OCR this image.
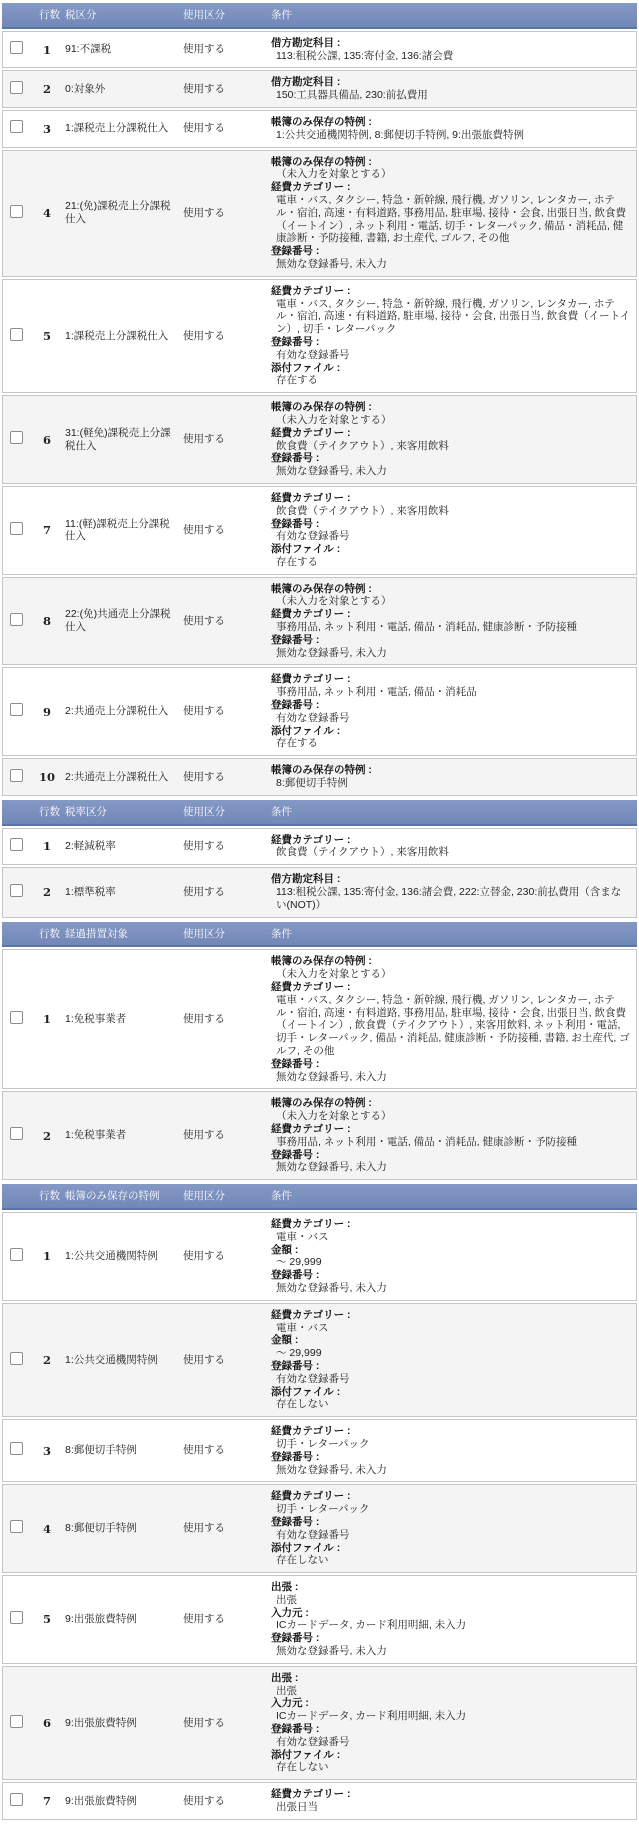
	行数	税区分	使用区分	条件
	1	91:不課税	使用する	借方勘定科目 :
113:租税公課, 135:寄付金, 136:諸会費

	2	0:対象外	使用する	借方勘定科目 :
150:工具器具備品, 230:前払費用

	3	1:課税売上分課税仕入	使用する	帳簿のみ保存の特例 :
1:公共交通機関特例, 8:郵便切手特例, 9:出張旅費特例

	4	21:(免)課税売上分課税仕入	使用する	
帳簿のみ保存の特例 :
（未入力を対象とする）
経費カテゴリー :
電車・バス, タクシー, 特急・新幹線, 飛行機, ガソリン, レンタカー, ホテル・宿泊, 高速・有料道路, 事務用品, 駐車場, 接待・会食, 出張日当, 飲食費（イートイン）, ネット利用・電話, 切手・レターパック, 備品・消耗品, 健康診断・予防接種, 書籍, お土産代, ゴルフ, その他
登録番号 :
無効な登録番号, 未入力

	5	1:課税売上分課税仕入	使用する	
経費カテゴリー :
電車・バス, タクシー, 特急・新幹線, 飛行機, ガソリン, レンタカー, ホテル・宿泊, 高速・有料道路, 駐車場, 接待・会食, 出張日当, 飲食費（イートイン）, 切手・レターパック
登録番号 :
有効な登録番号
添付ファイル :
存在する

	6	31:(軽免)課税売上分課税仕入	使用する	
帳簿のみ保存の特例 :
（未入力を対象とする）
経費カテゴリー :
飲食費（テイクアウト）, 来客用飲料
登録番号 :
無効な登録番号, 未入力

	7	11:(軽)課税売上分課税仕入	使用する	
経費カテゴリー :
飲食費（テイクアウト）, 来客用飲料
登録番号 :
有効な登録番号
添付ファイル :
存在する

	8	22:(免)共通売上分課税仕入	使用する	
帳簿のみ保存の特例 :
（未入力を対象とする）
経費カテゴリー :
事務用品, ネット利用・電話, 備品・消耗品, 健康診断・予防接種
登録番号 :
無効な登録番号, 未入力

	9	2:共通売上分課税仕入	使用する	
経費カテゴリー :
事務用品, ネット利用・電話, 備品・消耗品
登録番号 :
有効な登録番号
添付ファイル :
存在する

	10	2:共通売上分課税仕入	使用する	帳簿のみ保存の特例 :
8:郵便切手特例
	行数	税率区分	使用区分	条件
	1	2:軽減税率	使用する	経費カテゴリー :
飲食費（テイクアウト）, 来客用飲料

	2	1:標準税率	使用する	借方勘定科目 :
113:租税公課, 135:寄付金, 136:諸会費, 222:立替金, 230:前払費用（含まない(NOT)）
	行数	経過措置対象	使用区分	条件
	1	1:免税事業者	使用する	
帳簿のみ保存の特例 :
（未入力を対象とする）
経費カテゴリー :
電車・バス, タクシー, 特急・新幹線, 飛行機, ガソリン, レンタカー, ホテル・宿泊, 高速・有料道路, 事務用品, 駐車場, 接待・会食, 出張日当, 飲食費（イートイン）, 飲食費（テイクアウト）, 来客用飲料, ネット利用・電話, 切手・レターパック, 備品・消耗品, 健康診断・予防接種, 書籍, お土産代, ゴルフ, その他
登録番号 :
無効な登録番号, 未入力

	2	1:免税事業者	使用する	
帳簿のみ保存の特例 :
（未入力を対象とする）
経費カテゴリー :
事務用品, ネット利用・電話, 備品・消耗品, 健康診断・予防接種
登録番号 :
無効な登録番号, 未入力
	行数	帳簿のみ保存の特例	使用区分	条件
	1	1:公共交通機関特例	使用する	
経費カテゴリー :
電車・バス
金額 :
〜 29,999
登録番号 :
無効な登録番号, 未入力

	2	1:公共交通機関特例	使用する	
経費カテゴリー :
電車・バス
金額 :
〜 29,999
登録番号 :
有効な登録番号
添付ファイル :
存在しない

	3	8:郵便切手特例	使用する	経費カテゴリー :
切手・レターパック
登録番号 :
無効な登録番号, 未入力

	4	8:郵便切手特例	使用する	
経費カテゴリー :
切手・レターパック
登録番号 :
有効な登録番号
添付ファイル :
存在しない

	5	9:出張旅費特例	使用する	
出張 :
出張
入力元 :
ICカードデータ, カード利用明細, 未入力
登録番号 :
無効な登録番号, 未入力

	6	9:出張旅費特例	使用する	
出張 :
出張
入力元 :
ICカードデータ, カード利用明細, 未入力
登録番号 :
有効な登録番号
添付ファイル :
存在しない

	7	9:出張旅費特例	使用する	経費カテゴリー :
出張日当
